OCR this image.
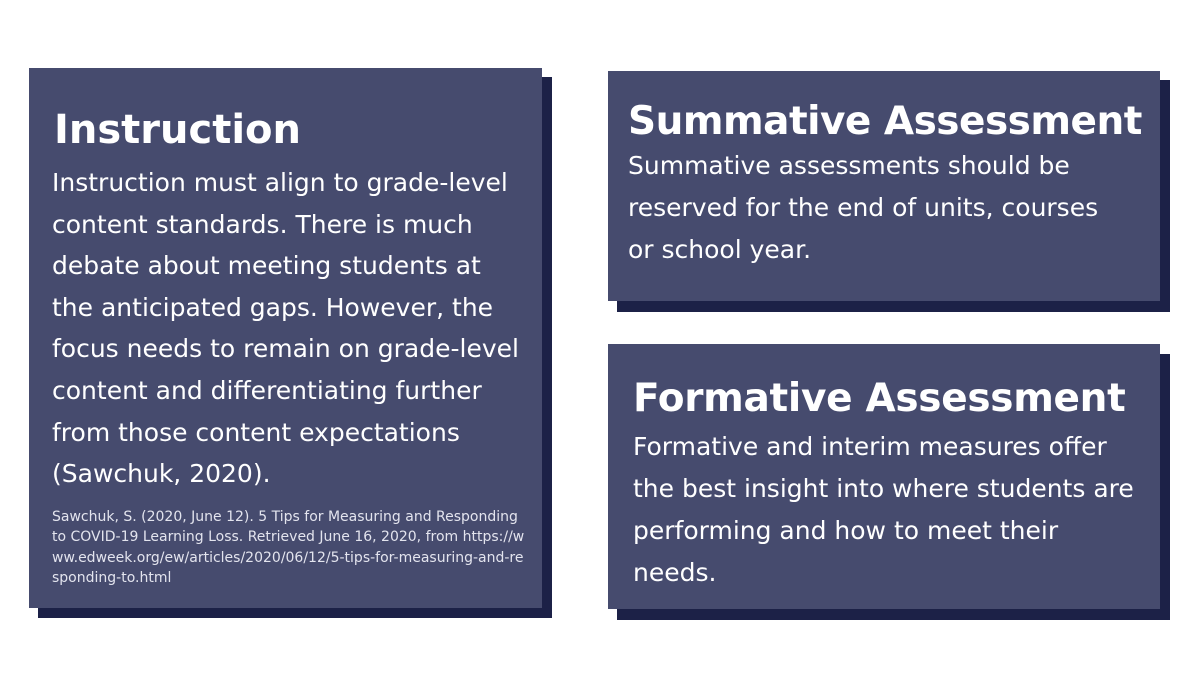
Instruction

Instruction must align to grade-level content standards. There is much debate about meeting students at the anticipated gaps. However, the focus needs to remain on grade-level content and differentiating further from those content expectations (Sawchuk, 2020).

Sawchuk, S. (2020, June 12). 5 Tips for Measuring and Responding to COVID-19 Learning Loss. Retrieved June 16, 2020, from https://www.edweek.org/ew/articles/2020/06/12/5-tips-for-measuring-and-responding-to.html

Summative Assessment

Summative assessments should be reserved for the end of units, courses or school year.

Formative Assessment

Formative and interim measures offer the best insight into where students are performing and how to meet their needs.
